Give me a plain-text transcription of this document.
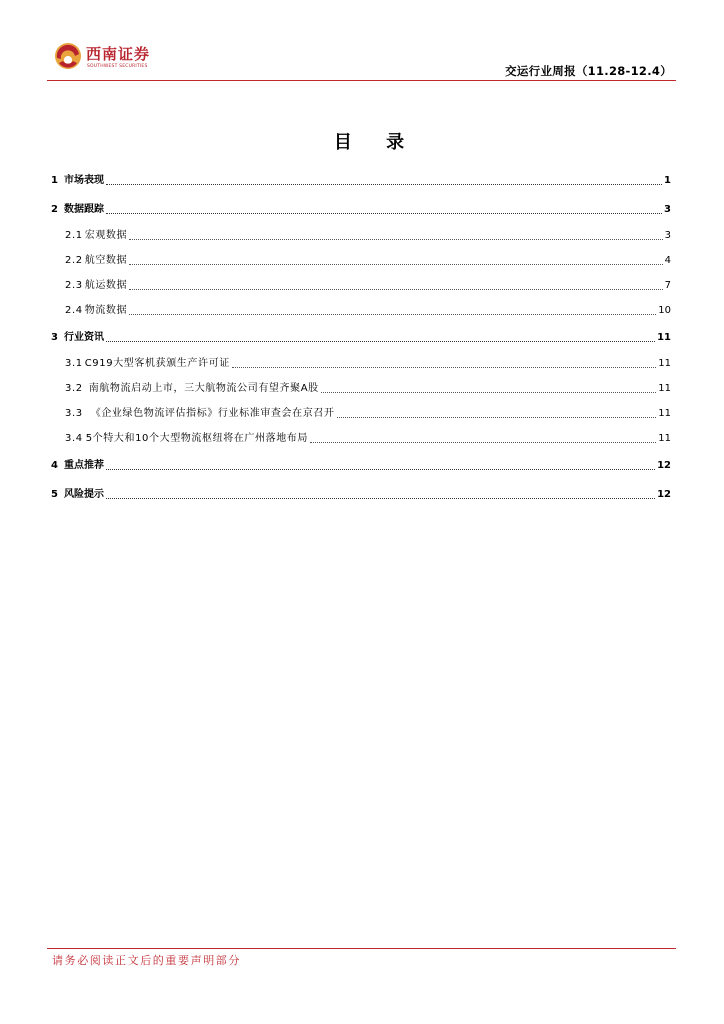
西南证券
SOUTHWEST SECURITIES	交运行业周报（11.28-12.4）
目 录
1 市场表现	1
2 数据跟踪	3
2.1 宏观数据	3
2.2 航空数据	4
2.3 航运数据	7
2.4 物流数据	10
3 行业资讯	11
3.1 C919大型客机获颁生产许可证	11
3.2 南航物流启动上市，三大航物流公司有望齐聚A股	11
3.3 《企业绿色物流评估指标》行业标准审查会在京召开	11
3.4 5个特大和10个大型物流枢纽将在广州落地布局	11
4 重点推荐	12
5 风险提示	12
请务必阅读正文后的重要声明部分
